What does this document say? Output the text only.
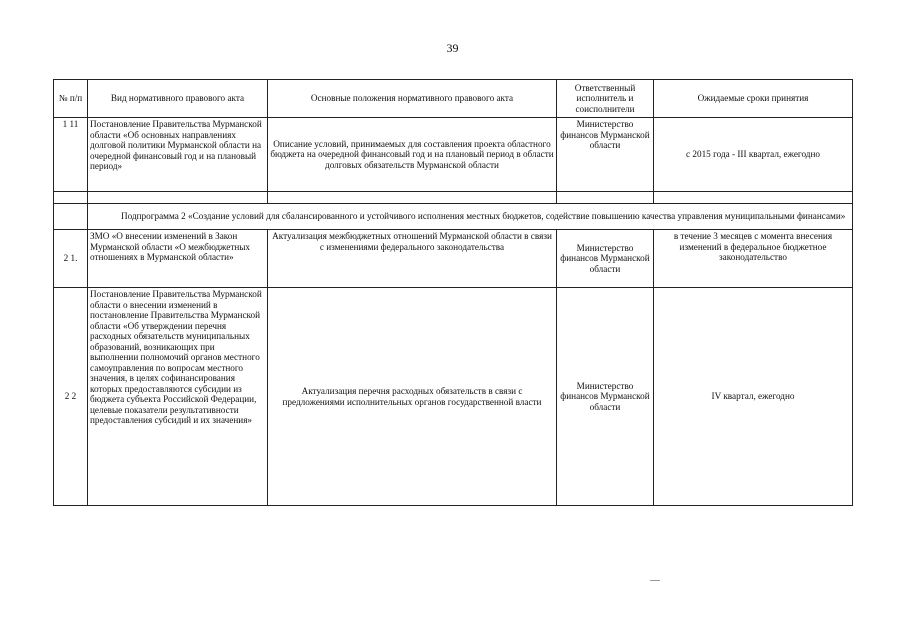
39
№ п/п	Вид нормативного правового акта	Основные положения нормативного правового акта	Ответственный исполнитель и соисполнители	Ожидаемые сроки принятия
1 11	Постановление Правительства Мурманской области «Об основных направлениях долговой политики Мурманской области на очередной финансовый год и на плановый период»	Описание условий, принимаемых для составления проекта областного бюджета на очередной финансовый год и на плановый период в области долговых обязательств Мурманской области	Министерство финансов Мурманской области	с 2015 года - III квартал, ежегодно

	Подпрограмма 2 «Создание условий для сбалансированного и устойчивого исполнения местных бюджетов, содействие повышению качества управления муниципальными финансами»			
2 1.	ЗМО «О внесении изменений в Закон Мурманской области «О межбюджетных отношениях в Мурманской области»	Актуализация межбюджетных отношений Мурманской области в связи с изменениями федерального законодательства	Министерство финансов Мурманской области	в течение 3 месяцев с момента внесения изменений в федеральное бюджетное законодательство
2 2	Постановление Правительства Мурманской области о внесении изменений в постановление Правительства Мурманской области «Об утверждении перечня расходных обязательств муниципальных образований, возникающих при выполнении полномочий органов местного самоуправления по вопросам местного значения, в целях софинансирования которых предоставляются субсидии из бюджета субъекта Российской Федерации, целевые показатели результативности предоставления субсидий и их значения»	Актуализация перечня расходных обязательств в связи с предложениями исполнительных органов государственной власти	Министерство финансов Мурманской области	IV квартал, ежегодно
